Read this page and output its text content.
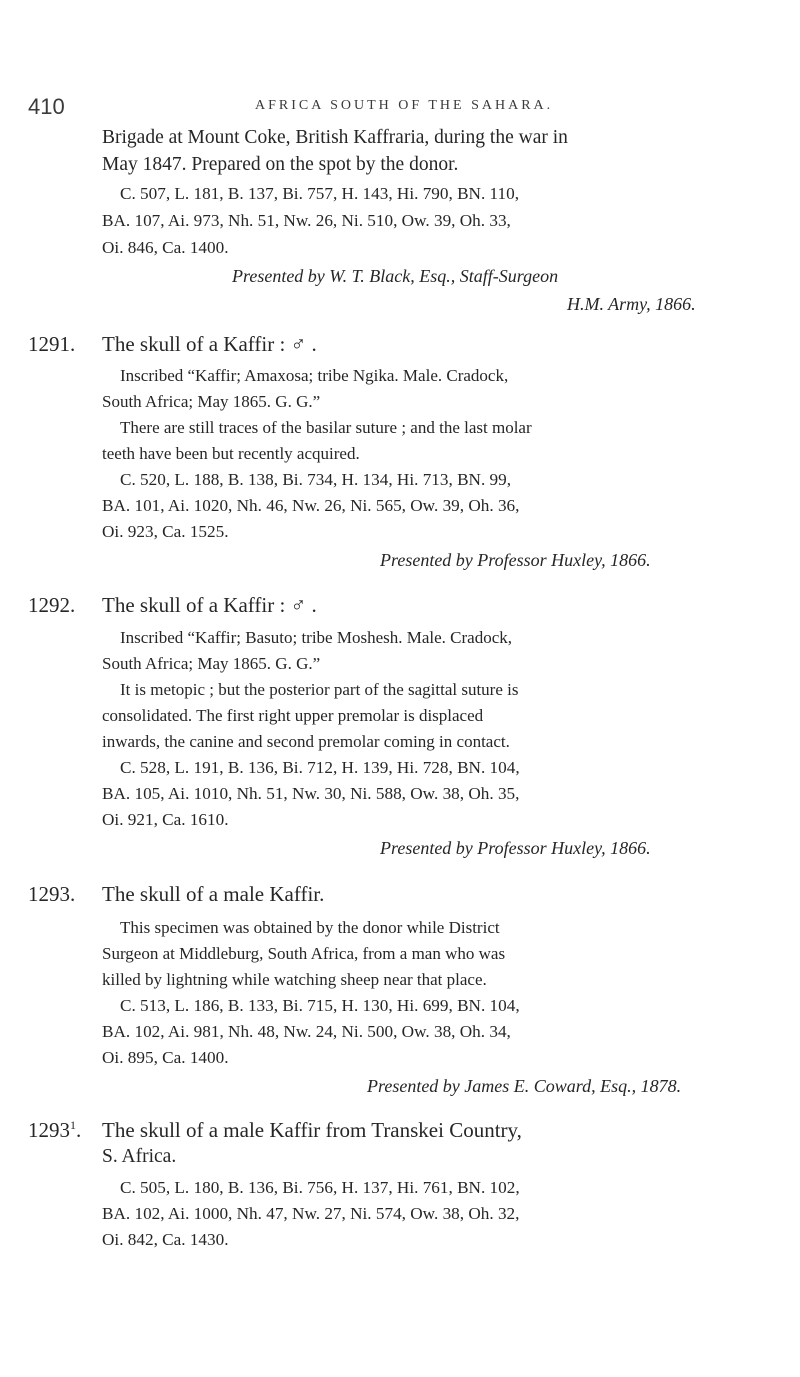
410	AFRICA SOUTH OF THE SAHARA.
Brigade at Mount Coke, British Kaffraria, during the war in
May 1847. Prepared on the spot by the donor.
C. 507, L. 181, B. 137, Bi. 757, H. 143, Hi. 790, BN. 110,
BA. 107, Ai. 973, Nh. 51, Nw. 26, Ni. 510, Ow. 39, Oh. 33,
Oi. 846, Ca. 1400.
Presented by W. T. Black, Esq., Staff-Surgeon
H.M. Army, 1866.
1291. The skull of a Kaffir : ♂ .
Inscribed “Kaffir; Amaxosa; tribe Ngika. Male. Cradock,
South Africa; May 1865. G. G.”
There are still traces of the basilar suture ; and the last molar
teeth have been but recently acquired.
C. 520, L. 188, B. 138, Bi. 734, H. 134, Hi. 713, BN. 99,
BA. 101, Ai. 1020, Nh. 46, Nw. 26, Ni. 565, Ow. 39, Oh. 36,
Oi. 923, Ca. 1525.
Presented by Professor Huxley, 1866.
1292. The skull of a Kaffir : ♂ .
Inscribed “Kaffir; Basuto; tribe Moshesh. Male. Cradock,
South Africa; May 1865. G. G.”
It is metopic ; but the posterior part of the sagittal suture is
consolidated. The first right upper premolar is displaced
inwards, the canine and second premolar coming in contact.
C. 528, L. 191, B. 136, Bi. 712, H. 139, Hi. 728, BN. 104,
BA. 105, Ai. 1010, Nh. 51, Nw. 30, Ni. 588, Ow. 38, Oh. 35,
Oi. 921, Ca. 1610.
Presented by Professor Huxley, 1866.
1293. The skull of a male Kaffir.
This specimen was obtained by the donor while District
Surgeon at Middleburg, South Africa, from a man who was
killed by lightning while watching sheep near that place.
C. 513, L. 186, B. 133, Bi. 715, H. 130, Hi. 699, BN. 104,
BA. 102, Ai. 981, Nh. 48, Nw. 24, Ni. 500, Ow. 38, Oh. 34,
Oi. 895, Ca. 1400.
Presented by James E. Coward, Esq., 1878.
1293$^1$. The skull of a male Kaffir from Transkei Country,
S. Africa.
C. 505, L. 180, B. 136, Bi. 756, H. 137, Hi. 761, BN. 102,
BA. 102, Ai. 1000, Nh. 47, Nw. 27, Ni. 574, Ow. 38, Oh. 32,
Oi. 842, Ca. 1430.
